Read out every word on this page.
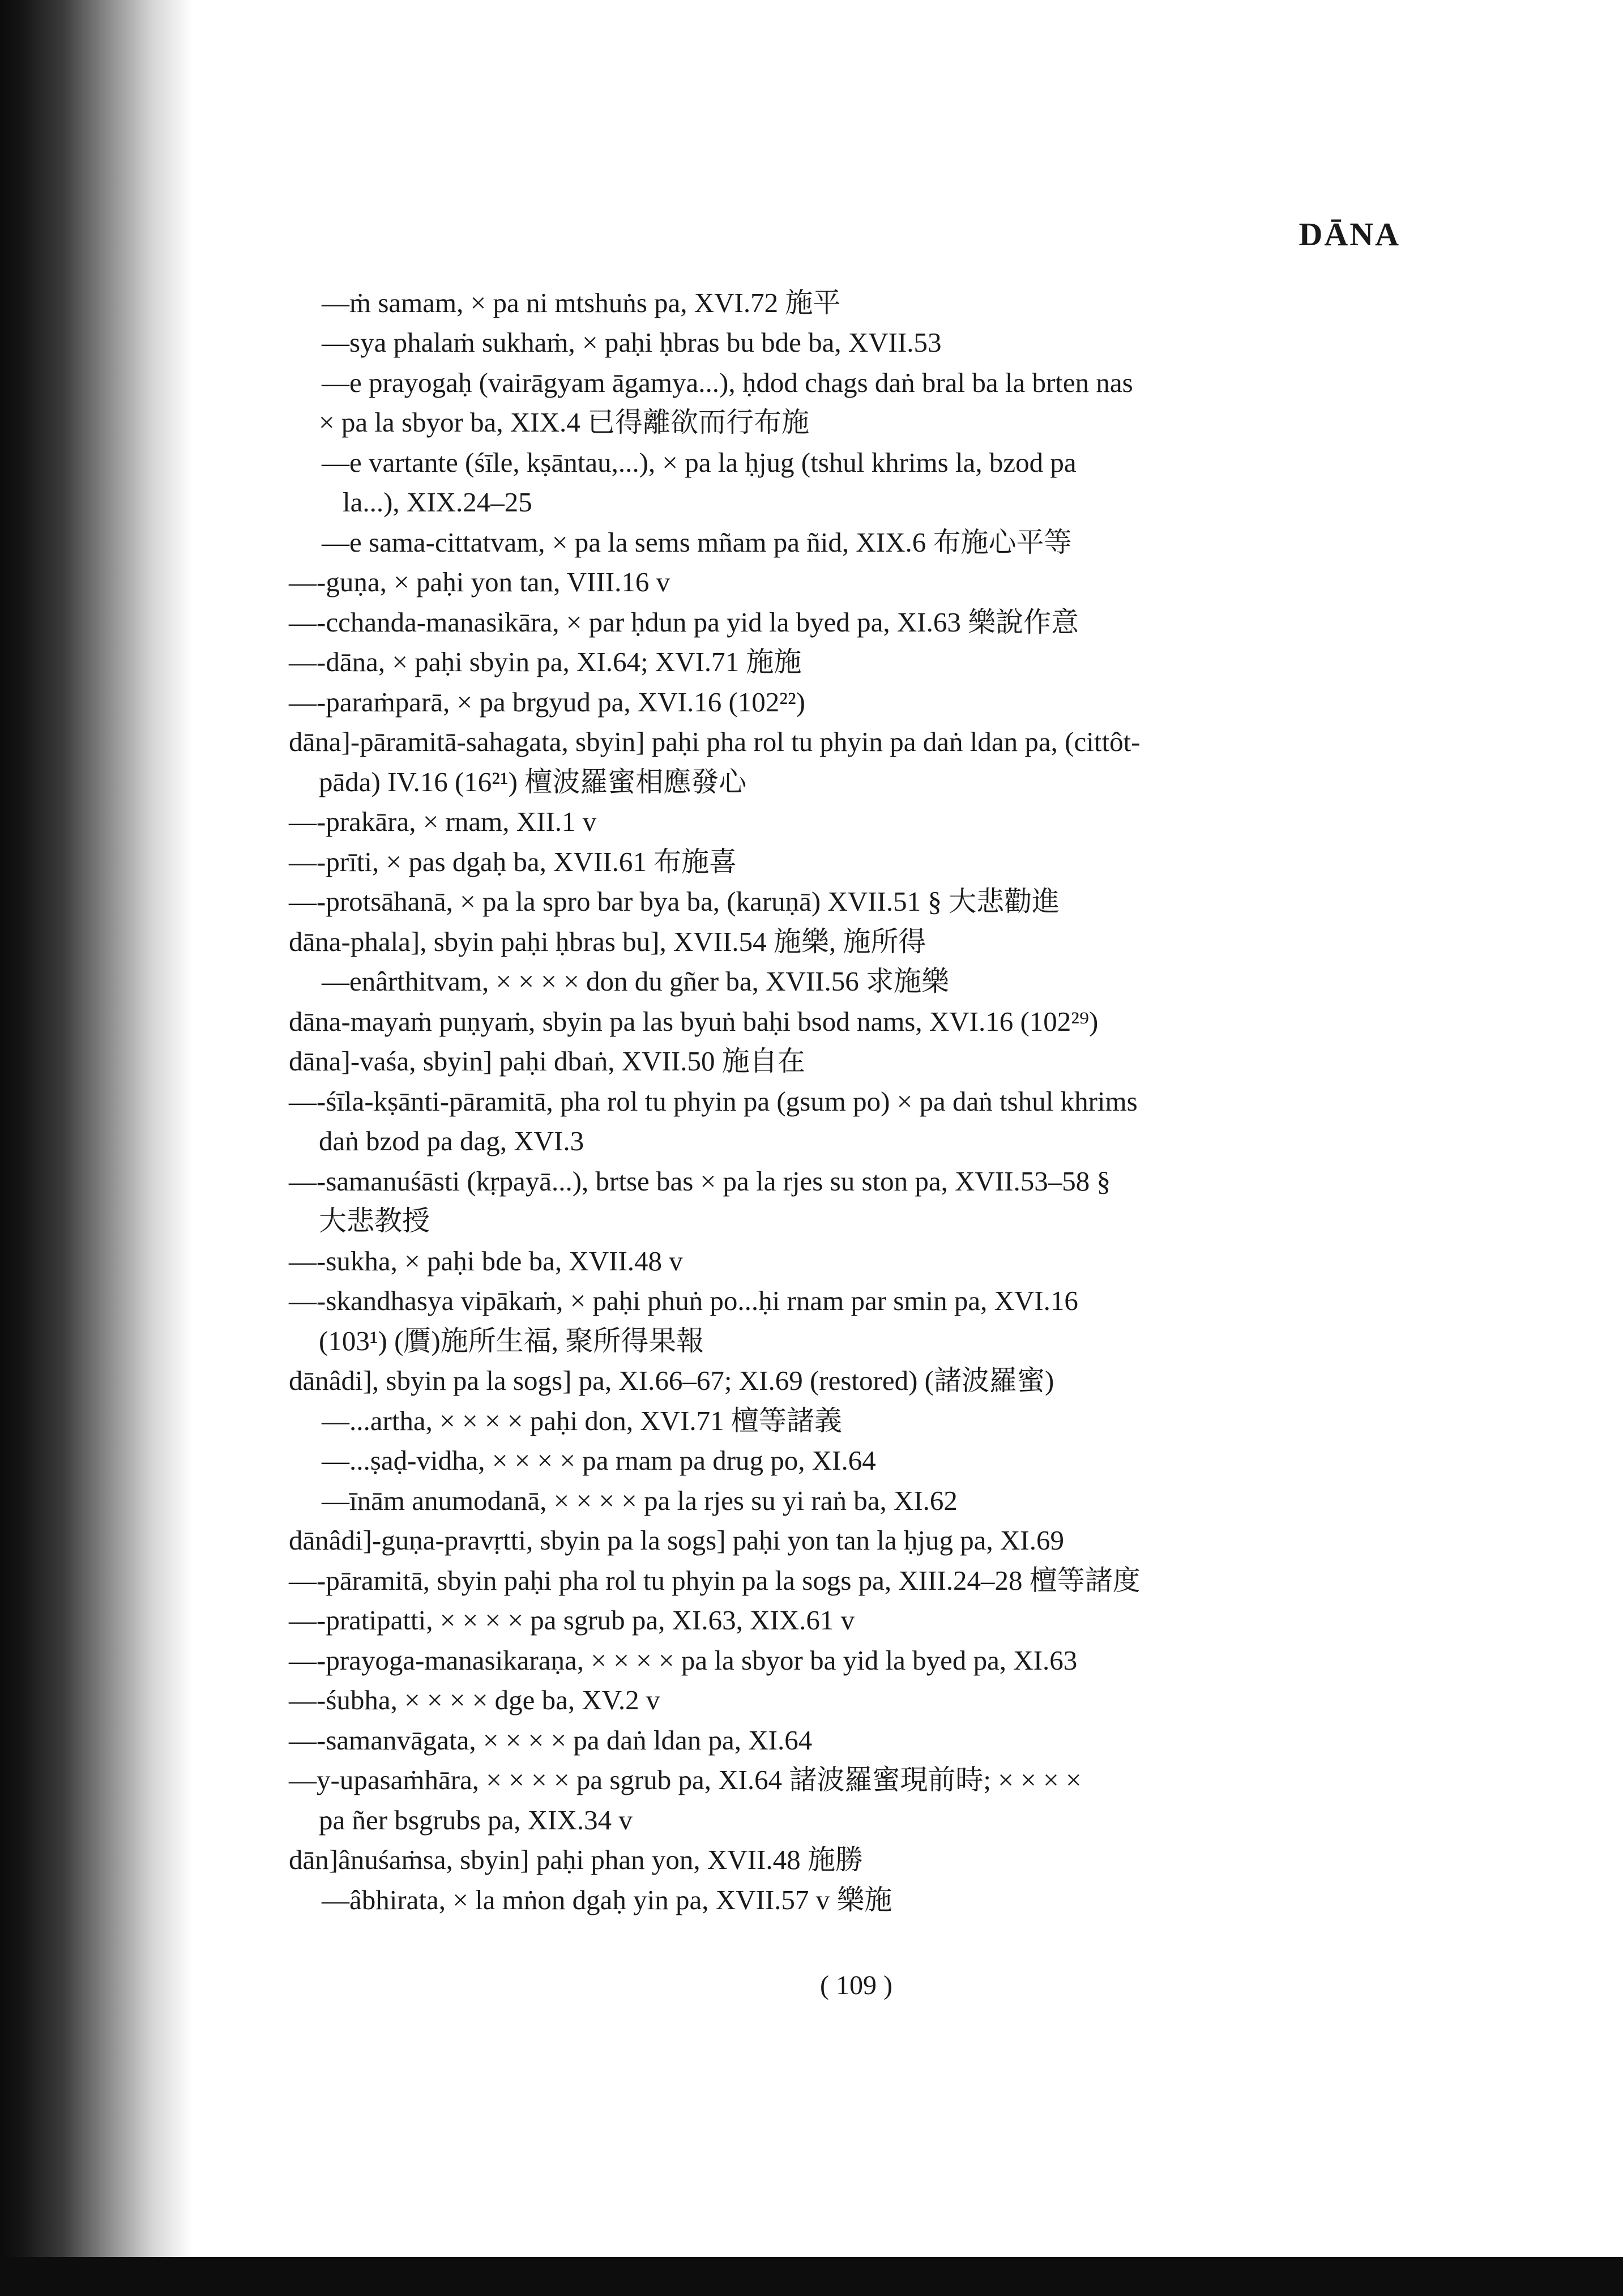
DĀNA
—ṁ samam, × pa ni mtshuṅs pa, XVI.72 施平
—sya phalaṁ sukhaṁ, × paḥi ḥbras bu bde ba, XVII.53
—e prayogaḥ (vairāgyam āgamya...), ḥdod chags daṅ bral ba la brten nas
× pa la sbyor ba, XIX.4 已得離欲而行布施
—e vartante (śīle, kṣāntau,...), × pa la ḥjug (tshul khrims la, bzod pa
la...), XIX.24–25
—e sama-cittatvam, × pa la sems mñam pa ñid, XIX.6 布施心平等
—-guṇa, × paḥi yon tan, VIII.16 v
—-cchanda-manasikāra, × par ḥdun pa yid la byed pa, XI.63 樂說作意
—-dāna, × paḥi sbyin pa, XI.64; XVI.71 施施
—-paraṁparā, × pa brgyud pa, XVI.16 (102²²)
dāna]-pāramitā-sahagata, sbyin] paḥi pha rol tu phyin pa daṅ ldan pa, (cittôt-
pāda) IV.16 (16²¹) 檀波羅蜜相應發心
—-prakāra, × rnam, XII.1 v
—-prīti, × pas dgaḥ ba, XVII.61 布施喜
—-protsāhanā, × pa la spro bar bya ba, (karuṇā) XVII.51 § 大悲勸進
dāna-phala], sbyin paḥi ḥbras bu], XVII.54 施樂, 施所得
—enârthitvam, × × × × don du gñer ba, XVII.56 求施樂
dāna-mayaṁ puṇyaṁ, sbyin pa las byuṅ baḥi bsod nams, XVI.16 (102²⁹)
dāna]-vaśa, sbyin] paḥi dbaṅ, XVII.50 施自在
—-śīla-kṣānti-pāramitā, pha rol tu phyin pa (gsum po) × pa daṅ tshul khrims
daṅ bzod pa dag, XVI.3
—-samanuśāsti (kṛpayā...), brtse bas × pa la rjes su ston pa, XVII.53–58 §
大悲教授
—-sukha, × paḥi bde ba, XVII.48 v
—-skandhasya vipākaṁ, × paḥi phuṅ po...ḥi rnam par smin pa, XVI.16
(103¹) (贋)施所生福, 聚所得果報
dānâdi], sbyin pa la sogs] pa, XI.66–67; XI.69 (restored) (諸波羅蜜)
—...artha, × × × × paḥi don, XVI.71 檀等諸義
—...ṣaḍ-vidha, × × × × pa rnam pa drug po, XI.64
—īnām anumodanā, × × × × pa la rjes su yi raṅ ba, XI.62
dānâdi]-guṇa-pravṛtti, sbyin pa la sogs] paḥi yon tan la ḥjug pa, XI.69
—-pāramitā, sbyin paḥi pha rol tu phyin pa la sogs pa, XIII.24–28 檀等諸度
—-pratipatti, × × × × pa sgrub pa, XI.63, XIX.61 v
—-prayoga-manasikaraṇa, × × × × pa la sbyor ba yid la byed pa, XI.63
—-śubha, × × × × dge ba, XV.2 v
—-samanvāgata, × × × × pa daṅ ldan pa, XI.64
—y-upasaṁhāra, × × × × pa sgrub pa, XI.64 諸波羅蜜現前時; × × × ×
pa ñer bsgrubs pa, XIX.34 v
dān]ânuśaṁsa, sbyin] paḥi phan yon, XVII.48 施勝
—âbhirata, × la mṅon dgaḥ yin pa, XVII.57 v 樂施
( 109 )
